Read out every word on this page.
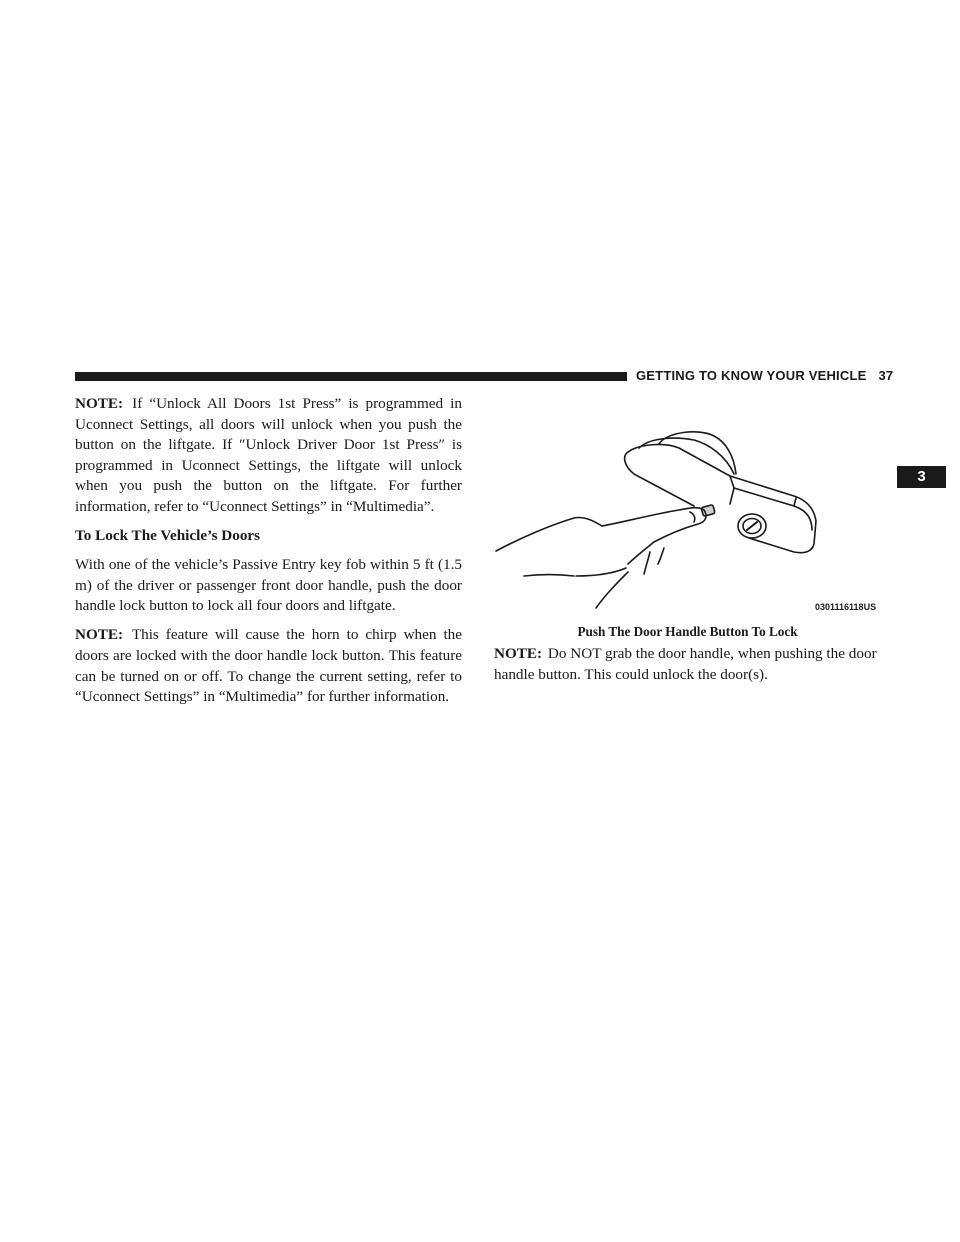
GETTING TO KNOW YOUR VEHICLE 37
3

NOTE: If “Unlock All Doors 1st Press” is programmed in Uconnect Settings, all doors will unlock when you push the button on the liftgate. If ″Unlock Driver Door 1st Press″ is programmed in Uconnect Settings, the liftgate will unlock when you push the button on the liftgate. For further information, refer to “Uconnect Settings” in “Multimedia”.

To Lock The Vehicle’s Doors

With one of the vehicle’s Passive Entry key fob within 5 ft (1.5 m) of the driver or passenger front door handle, push the door handle lock button to lock all four doors and liftgate.

NOTE: This feature will cause the horn to chirp when the doors are locked with the door handle lock button. This feature can be turned on or off. To change the current setting, refer to “Uconnect Settings” in “Multimedia” for further information.

0301116118US
Push The Door Handle Button To Lock

NOTE: Do NOT grab the door handle, when pushing the door handle button. This could unlock the door(s).
